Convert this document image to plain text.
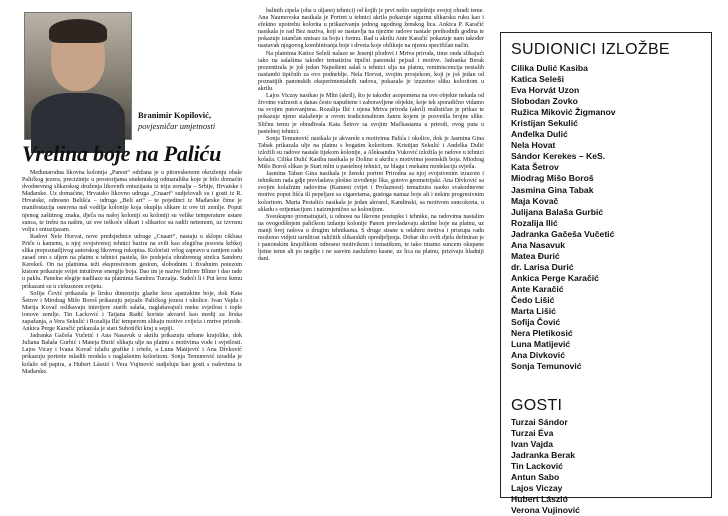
Branimir Kopilović,
povjesničar umjetnosti
Vrelina boje na Paliću

Međunarodna likovna kolonija „Panon“ održana je u pitoreskenom okruženju obale Palićkog jezera, precizinije u prostorijama studentskog odmarališta koje je bilo domaćin dvodnevnog slikarskog druženja likovnih entuzijasta iz triju zemalja – Srbije, Hrvatske i Mađarske. Uz domaćine, Hrvatsko likovno udruga „Cnaart“ sudjelovali su i gosti iz R. Hrvatske, odnosno Belišća – udruga „Beli art“ – te pojedinci iz Mađarske čime je manifestacija osnovna naš vodilja kolonije koja okuplja slikare iz ove tri zemlje. Poput njenog zaštitnog znaka, dječa na našoj koloniji su koloniji su velike temperature ustare sunca, te trebu na našim, uz sve teškoće slikari i slikarice su radili netemom, uz izvrsnu volju i entuzijazam.

Radovi Nele Horvat, nove predsjednice udruge „Cnaart“, nastaju u sklopu ciklusa Priče u kamenu, u njoj svojstvenoj tehnici bazira na svili kao elegična posveta krhkoj slika prepoznatljivog autorskog likovnog rukopisa. Koloristi vrlog zapravo u ranijem radu zasad ono s uljem na platnu u tehnici pastela, što podsjeća ohrabrenog strelca Sandoru Kerekeš. On na platnima teži ekspresivnom gestom, slobodnim i živahnim potezom kistom prikazuje svijet intuitivne energije boja. Dao im je nazive Infirno Blime i dao rade u paklu. Panelne elegije nadilaze na platnima Sandora Turzaija. Sudeći li i Put kroz šumu prikazani su u cirkusnom svijetu.

Sofija Čović prikazala je lirsku dimenziju glazbe kroz apstraktne boje, dok Kata Šetrov i Miodrag Mišo Boroš prikazuju pejzaže Palićkog jezera i okolice. Ivan Vajda i Marija Kovač oslikavaju interijere starih salaša, naglašavajući meku svjetlost i tople tonove zemlje. Tin Lacković i Tatjana Radić koriste akvarel kao medij za lirska zapažanja, a Vera Sekulić i Rozalija Ilić temperom slikaju motive cvijeća i mrtve prirode. Ankica Perge Karačić prikazala je stari Subotički kraj u sepiji.

Jadranka Gačeša Vučetić i Ana Nasavuk u akrilu prikazuju urbane krajolike, dok Juliana Balaša Gurbić i Mateja Đurić slikaju ulje na platnu s motivima vode i svjetlosti. Lajos Vicay i Ivana Kovač izlažu grafike i crteže, a Luna Matijević i Ana Dívković prikazuju portrete mladih modela s naglašenim koloritom. Sonja Temunović izradila je kolaže od papira, a Hubert Lászió i Vera Vujinović sudjeluju kao gosti s radovima iz Mađarske.

baltnih cipela (oba u uljanoj tehnici) od kojih je prvi nešto uspješnije svojoj obradi teme. Ana Naumovska nasikala je Portret u tehnici akrila pokazuje sigurnu slikarsku ruku kao i efektno upotrebu kolorita u prikazivanju jednog ugodnog ženskog lica. Ankica P. Karačić nasikala je rad Bez naziva, koji se nastavlja na njezine radove nastale prethodnih godina te pokazuje istančan smisao za boju i formu. Rad u akrilu Ante Karačić pokazuje nam također nastavak njegovog kombiniranja boje i drveta koje oblikuje na njemu specifičan način.

Na platnima Katice Seleši nalaze se Jesenji plodovi i Mrtva priroda, time onda slikajući iako na salašima također tematizira tipični panonski pejzaž i motive. Jadranka Berak prezentirala je još jedan Napušteni salaš u tehnici ulja na platnu, reminiscencija nestalih nastambi tipičnih za ovo podneblje. Nela Horvat, svojim prosjekom, koji je još jedan od poznatijih panonskih eksperimentalnih radova, pokazala je izuzetno sliku koloritom u akrilu.

Lajos Viczay nasikao je Mlin (akril), što je također asopomena na ove objekte nekada od životne važnosti a danas često napuštene i zaboravljene objekte, koje tek sporadično vidamo na svojim putovanjima. Rozalija Ilić i njena Mrtva priroda (akril) realističan je prikaz te pokazuje njeno stalaženje u ovom tradicionalnom žanru kojem je posvetila brojne slike. Sličnu temu je obrađivala Kata Šetrov sa svojim Mačkastama u prirodi, ovog puta u pastelnoj tehnici.

Sonja Temunović nasikala je akvarele s motivima Palića i okolice, dok je Jasmina Gina Tabak prikazala ulje na platnu s bogatim koloritom. Kristijan Sekulić i Andelka Dulić izložili su radove nastale tijekom kolonije, a Aleksandra Vuković izložila je radove u tehnici kolaža. Cilika Dulić Kasiba nasikala je Dolinu u akrilu s motivima jesenskih boja. Miodrag Mišo Boroš slikao je Stari mlin u pastelnoj tehnici, uz blagu i mekanu modelaciju svjetla.

Jasmina Taban Gina nasikala je ženski portret Prirodna sa njoj svojstvenim izrazom i tehnikom rada gdje prevladava plošno izvođenje lika, gotovo geometrijski. Ana Dívković sa svojim kolažnim radovima (Kameni cvijet i Prolaznost) tematizira naoko svakodnevne motive poput lišća ili pepeljare sa cigaretama, gustoga namaz boje ali i nekim progresivnim koloritom. Marta Pestalićs nasikala je jedan akvarel, Kandinski, sa motivom suncokreta, u skladu s orijentacijom i naizmjenično sa kolonijom.

Sveukupno promatrajući, u odnosu na likovne postupke i tehnike, na radovima nastalim na ovogodišnjem palićkom izdanju kolonije Panon prevladavaju akrilne boje na platnu, uz manji broj radova u drugim tehnikama. S druge strane u odabiru motiva i pristupa radu možemo vidjeti tarnlitost raličitih slikarskih opredjeljenja. Dobar dio ovih djela definiran je i panonskim krajolikom odnosno motivikom i tematikom, te tako imamo suncem okupane ljetne teme ali po negdje i ne sasvim zasluženo kasne, uz lica na platnu, prizivaju hladniji dani.

SUDIONICI IZLOŽBE
Cilika Dulić Kasiba
Katica Seleši
Eva Horvát Uzon
Slobodan Zovko
Ružica Miković Žigmanov
Kristijan Sekulić
Anđelka Dulić
Nela Hovat
Sándor Kerekes – KeS.
Kata Šetrov
Miodrag Mišo Boroš
Jasmina Gina Tabak
Maja Kovač
Julijana Balaša Gurbić
Rozalija Ilić
Jadranka Gačeša Vučetić
Ana Nasavuk
Matea Đurić
dr. Larisa Durić
Ankica Perge Karačić
Ante Karačić
Čedo Lišić
Marta Lišić
Sofija Čović
Nera Pletikosić
Luna Matijević
Ana Divković
Sonja Temunović
GOSTI
Turzai Sándor
Turzai Éva
Ivan Vajda
Jadranka Berak
Tin Lacković
Antun Sabo
Lajos Viczay
Hubert Lászió
Verona Vujinović
